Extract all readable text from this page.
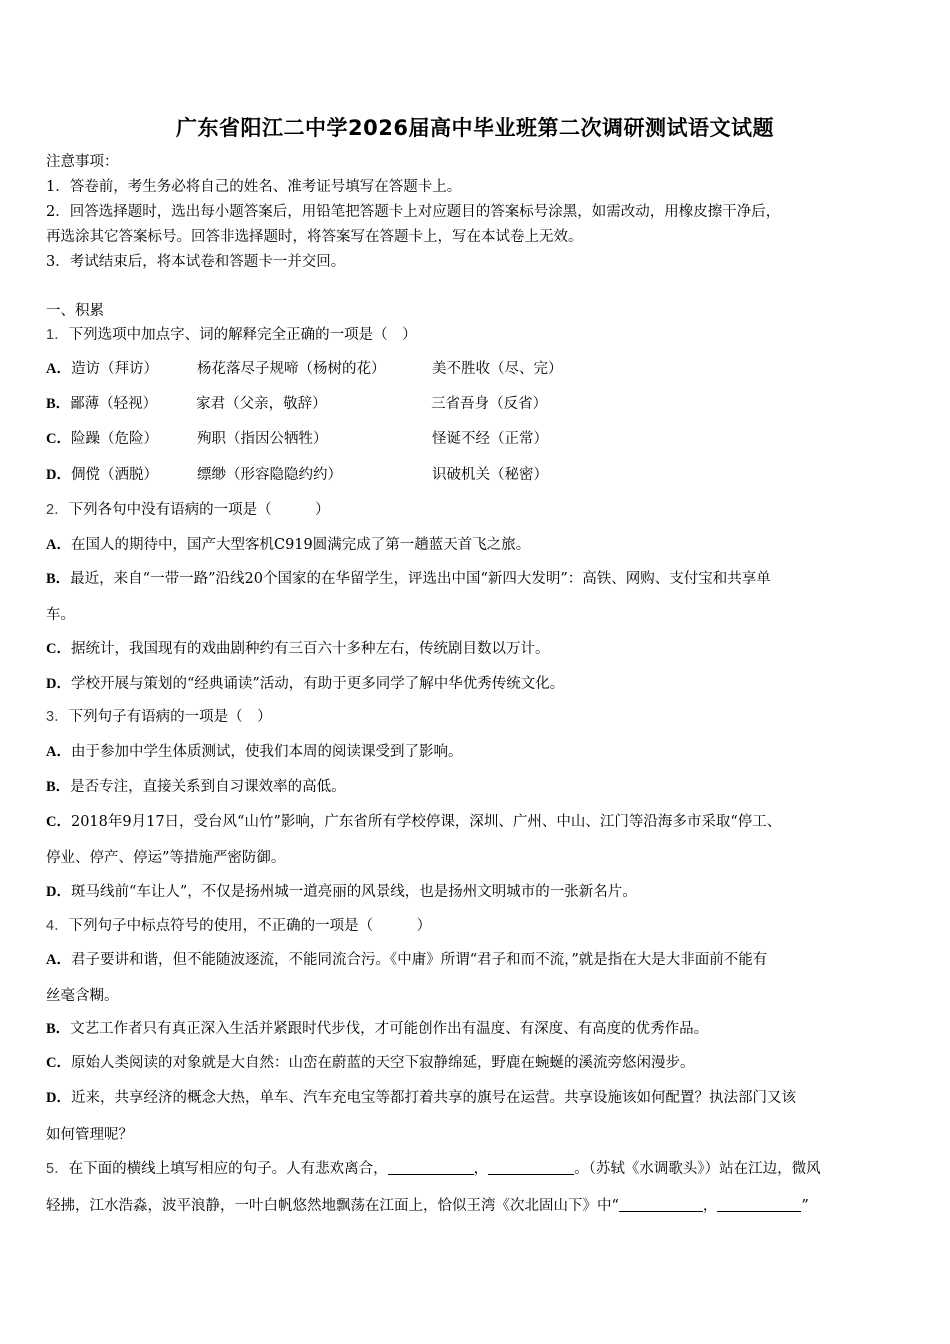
广东省阳江二中学2026届高中毕业班第二次调研测试语文试题
注意事项：
1．答卷前，考生务必将自己的姓名、准考证号填写在答题卡上。
2．回答选择题时，选出每小题答案后，用铅笔把答题卡上对应题目的答案标号涂黑，如需改动，用橡皮擦干净后，
再选涂其它答案标号。回答非选择题时，将答案写在答题卡上，写在本试卷上无效。
3．考试结束后，将本试卷和答题卡一并交回。
一、积累
1．下列选项中加点字、词的解释完全正确的一项是（　）
A．造访（拜访）	杨花落尽子规啼（杨树的花）	美不胜收（尽、完）
B．鄙薄（轻视）	家君（父亲，敬辞）	三省吾身（反省）
C．险躁（危险）	殉职（指因公牺牲）	怪诞不经（正常）
D．倜傥（洒脱）	缥缈（形容隐隐约约）	识破机关（秘密）
2．下列各句中没有语病的一项是（　　　）
A．在国人的期待中，国产大型客机C919圆满完成了第一趟蓝天首飞之旅。
B．最近，来自“一带一路”沿线20个国家的在华留学生，评选出中国“新四大发明”：高铁、网购、支付宝和共享单
车。
C．据统计，我国现有的戏曲剧种约有三百六十多种左右，传统剧目数以万计。
D．学校开展与策划的“经典诵读”活动，有助于更多同学了解中华优秀传统文化。
3．下列句子有语病的一项是（　）
A．由于参加中学生体质测试，使我们本周的阅读课受到了影响。
B．是否专注，直接关系到自习课效率的高低。
C．2018年9月17日，受台风“山竹”影响，广东省所有学校停课，深圳、广州、中山、江门等沿海多市采取“停工、
停业、停产、停运”等措施严密防御。
D．斑马线前“车让人”，不仅是扬州城一道亮丽的风景线，也是扬州文明城市的一张新名片。
4．下列句子中标点符号的使用，不正确的一项是（　　　）
A．君子要讲和谐，但不能随波逐流，不能同流合污。《中庸》所谓“君子和而不流，”就是指在大是大非面前不能有
丝毫含糊。
B．文艺工作者只有真正深入生活并紧跟时代步伐，才可能创作出有温度、有深度、有高度的优秀作品。
C．原始人类阅读的对象就是大自然：山峦在蔚蓝的天空下寂静绵延，野鹿在蜿蜒的溪流旁悠闲漫步。
D．近来，共享经济的概念大热，单车、汽车充电宝等都打着共享的旗号在运营。共享设施该如何配置？执法部门又该
如何管理呢？
5．在下面的横线上填写相应的句子。人有悲欢离合，	，	。（苏轼《水调歌头》）站在江边，微风
轻拂，江水浩淼，波平浪静，一叶白帆悠然地飘荡在江面上，恰似王湾《次北固山下》中“	，	”
